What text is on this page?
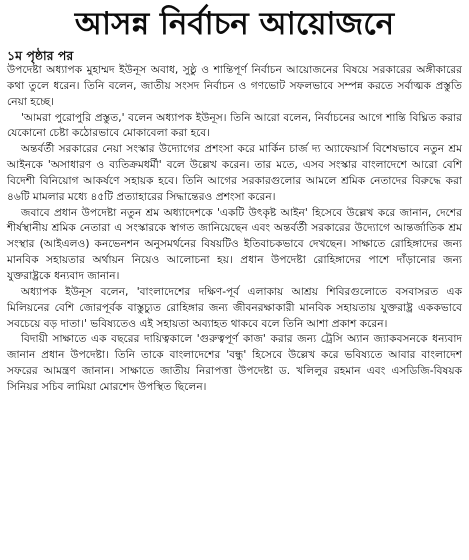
আসন্ন নির্বাচন আয়োজনে
১ম পৃষ্ঠার পর

উপদেষ্টা অধ্যাপক মুহাম্মদ ইউনূস অবাধ, সুষ্ঠু ও শান্তিপূর্ণ নির্বাচন আয়োজনের বিষয়ে সরকারের অঙ্গীকারের কথা তুলে ধরেন। তিনি বলেন, জাতীয় সংসদ নির্বাচন ও গণভোট সফলভাবে সম্পন্ন করতে সর্বাত্মক প্রস্তুতি নেয়া হচ্ছে।

'আমরা পুরোপুরি প্রস্তুত,' বলেন অধ্যাপক ইউনূস। তিনি আরো বলেন, নির্বাচনের আগে শান্তি বিঘ্নিত করার যেকোনো চেষ্টা কঠোরভাবে মোকাবেলা করা হবে।

অন্তর্বর্তী সরকারের নেয়া সংস্কার উদ্যোগের প্রশংসা করে মার্কিন চার্জ দ্য অ্যাফেয়ার্স বিশেষভাবে নতুন শ্রম আইনকে 'অসাধারণ ও ব্যতিক্রমধর্মী' বলে উল্লেখ করেন। তার মতে, এসব সংস্কার বাংলাদেশে আরো বেশি বিদেশী বিনিয়োগ আকর্ষণে সহায়ক হবে। তিনি আগের সরকারগুলোর আমলে শ্রমিক নেতাদের বিরুদ্ধে করা ৪৬টি মামলার মধ্যে ৪৫টি প্রত্যাহারের সিদ্ধান্তেরও প্রশংসা করেন।

জবাবে প্রধান উপদেষ্টা নতুন শ্রম অধ্যাদেশকে 'একটি উৎকৃষ্ট আইন' হিসেবে উল্লেখ করে জানান, দেশের শীর্ষস্থানীয় শ্রমিক নেতারা এ সংস্কারকে স্বাগত জানিয়েছেন এবং অন্তর্বর্তী সরকারের উদ্যোগে আন্তর্জাতিক শ্রম সংস্থার (আইএলও) কনভেনশন অনুসমর্থনের বিষয়টিও ইতিবাচকভাবে দেখছেন। সাক্ষাতে রোহিঙ্গাদের জন্য মানবিক সহায়তার অর্থায়ন নিয়েও আলোচনা হয়। প্রধান উপদেষ্টা রোহিঙ্গাদের পাশে দাঁড়ানোর জন্য যুক্তরাষ্ট্রকে ধন্যবাদ জানান।

অধ্যাপক ইউনূস বলেন, 'বাংলাদেশের দক্ষিণ-পূর্ব এলাকায় আশ্রয় শিবিরগুলোতে বসবাসরত এক মিলিয়নের বেশি জোরপূর্বক বাস্তুচ্যুত রোহিঙ্গার জন্য জীবনরক্ষাকারী মানবিক সহায়তায় যুক্তরাষ্ট্র এককভাবে সবচেয়ে বড় দাতা।' ভবিষ্যতেও এই সহায়তা অব্যাহত থাকবে বলে তিনি আশা প্রকাশ করেন।

বিদায়ী সাক্ষাতে এক বছরের দায়িত্বকালে 'গুরুত্বপূর্ণ কাজ' করার জন্য ট্রেসি অ্যান জ্যাকবসনকে ধন্যবাদ জানান প্রধান উপদেষ্টা। তিনি তাকে বাংলাদেশের 'বন্ধু' হিসেবে উল্লেখ করে ভবিষ্যতে আবার বাংলাদেশ সফরের আমন্ত্রণ জানান। সাক্ষাতে জাতীয় নিরাপত্তা উপদেষ্টা ড. খলিলুর রহমান এবং এসডিজি-বিষয়ক সিনিয়র সচিব লামিয়া মোরশেদ উপস্থিত ছিলেন।
